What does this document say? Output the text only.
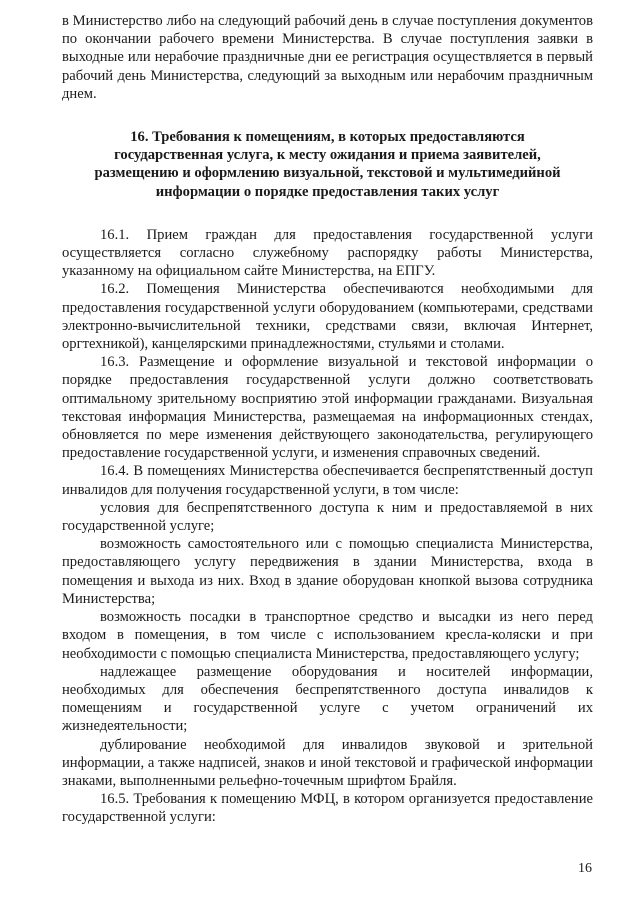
в Министерство либо на следующий рабочий день в случае поступления документов по окончании рабочего времени Министерства. В случае поступления заявки в выходные или нерабочие праздничные дни ее регистрация осуществляется в первый рабочий день Министерства, следующий за выходным или нерабочим праздничным днем.

16. Требования к помещениям, в которых предоставляются государственная услуга, к месту ожидания и приема заявителей, размещению и оформлению визуальной, текстовой и мультимедийной информации о порядке предоставления таких услуг

16.1. Прием граждан для предоставления государственной услуги осуществляется согласно служебному распорядку работы Министерства, указанному на официальном сайте Министерства, на ЕПГУ.

16.2. Помещения Министерства обеспечиваются необходимыми для предоставления государственной услуги оборудованием (компьютерами, средствами электронно-вычислительной техники, средствами связи, включая Интернет, оргтехникой), канцелярскими принадлежностями, стульями и столами.

16.3. Размещение и оформление визуальной и текстовой информации о порядке предоставления государственной услуги должно соответствовать оптимальному зрительному восприятию этой информации гражданами. Визуальная текстовая информация Министерства, размещаемая на информационных стендах, обновляется по мере изменения действующего законодательства, регулирующего предоставление государственной услуги, и изменения справочных сведений.

16.4. В помещениях Министерства обеспечивается беспрепятственный доступ инвалидов для получения государственной услуги, в том числе:

условия для беспрепятственного доступа к ним и предоставляемой в них государственной услуге;

возможность самостоятельного или с помощью специалиста Министерства, предоставляющего услугу передвижения в здании Министерства, входа в помещения и выхода из них. Вход в здание оборудован кнопкой вызова сотрудника Министерства;

возможность посадки в транспортное средство и высадки из него перед входом в помещения, в том числе с использованием кресла-коляски и при необходимости с помощью специалиста Министерства, предоставляющего услугу;

надлежащее размещение оборудования и носителей информации, необходимых для обеспечения беспрепятственного доступа инвалидов к помещениям и государственной услуге с учетом ограничений их жизнедеятельности;

дублирование необходимой для инвалидов звуковой и зрительной информации, а также надписей, знаков и иной текстовой и графической информации знаками, выполненными рельефно-точечным шрифтом Брайля.

16.5. Требования к помещению МФЦ, в котором организуется предоставление государственной услуги:

16
